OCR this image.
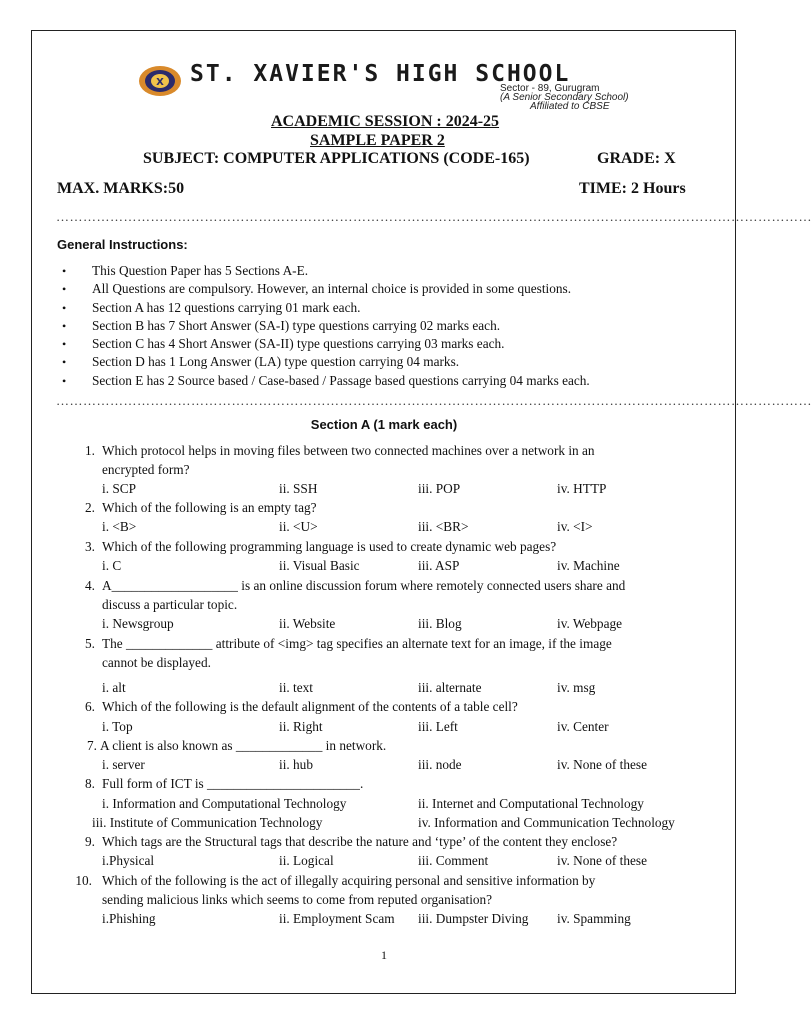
X ST. XAVIER'S HIGH SCHOOL
Sector - 89, Gurugram
(A Senior Secondary School)
Affiliated to CBSE
ACADEMIC SESSION : 2024-25
SAMPLE PAPER 2
SUBJECT: COMPUTER APPLICATIONS (CODE-165)	GRADE: X
MAX. MARKS:50	TIME: 2 Hours
……………………………………………………………………………………………………………………………………………………
General Instructions:
• This Question Paper has 5 Sections A-E.
• All Questions are compulsory. However, an internal choice is provided in some questions.
• Section A has 12 questions carrying 01 mark each.
• Section B has 7 Short Answer (SA-I) type questions carrying 02 marks each.
• Section C has 4 Short Answer (SA-II) type questions carrying 03 marks each.
• Section D has 1 Long Answer (LA) type question carrying 04 marks.
• Section E has 2 Source based / Case-based / Passage based questions carrying 04 marks each.
……………………………………………………………………………………………………………………………………………………
Section A (1 mark each)
1. Which protocol helps in moving files between two connected machines over a network in an
encrypted form?
i. SCP	ii. SSH	iii. POP	iv. HTTP
2. Which of the following is an empty tag?
i. <B>	ii. <U>	iii. <BR>	iv. <I>
3. Which of the following programming language is used to create dynamic web pages?
i. C	ii. Visual Basic	iii. ASP	iv. Machine
4. A___________________ is an online discussion forum where remotely connected users share and
discuss a particular topic.
i. Newsgroup	ii. Website	iii. Blog	iv. Webpage
5. The _____________ attribute of <img> tag specifies an alternate text for an image, if the image
cannot be displayed.
i. alt	ii. text	iii. alternate	iv. msg
6. Which of the following is the default alignment of the contents of a table cell?
i. Top	ii. Right	iii. Left	iv. Center
7. A client is also known as _____________ in network.
i. server	ii. hub	iii. node	iv. None of these
8. Full form of ICT is _______________________.
i. Information and Computational Technology	ii. Internet and Computational Technology
iii. Institute of Communication Technology	iv. Information and Communication Technology
9. Which tags are the Structural tags that describe the nature and ‘type’ of the content they enclose?
i.Physical	ii. Logical	iii. Comment	iv. None of these
10. Which of the following is the act of illegally acquiring personal and sensitive information by
sending malicious links which seems to come from reputed organisation?
i.Phishing	ii. Employment Scam iii. Dumpster Diving iv. Spamming
1
